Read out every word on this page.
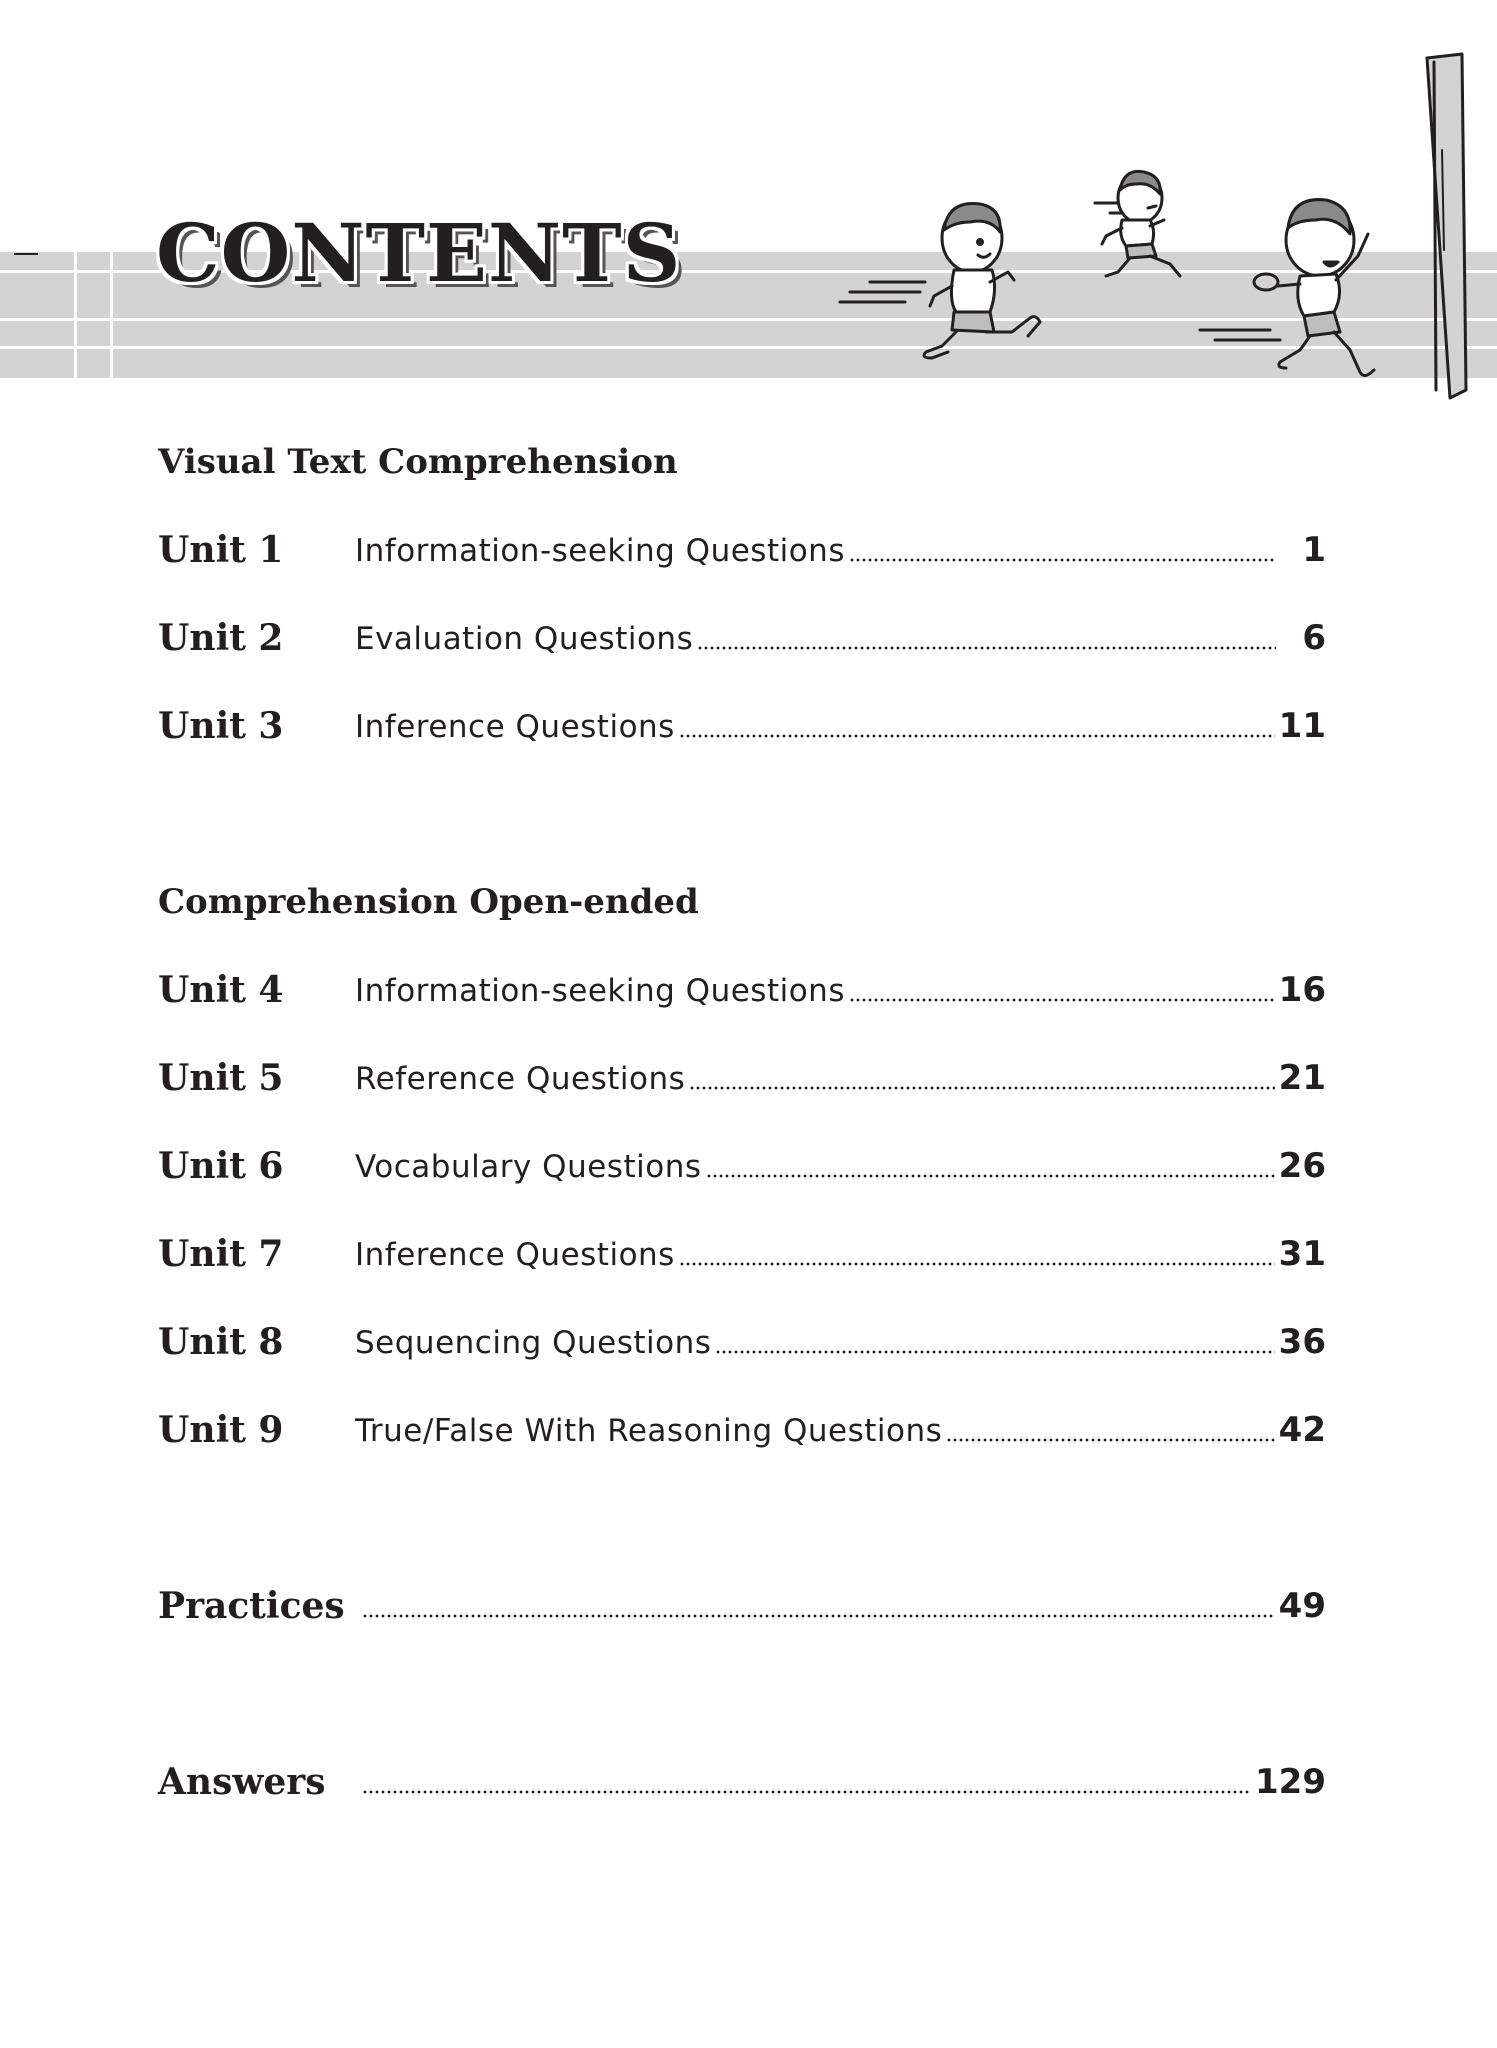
CONTENTS
Visual Text Comprehension
Unit 1 Information-seeking Questions	1
Unit 2 Evaluation Questions	6
Unit 3 Inference Questions	11
Comprehension Open-ended
Unit 4 Information-seeking Questions	16
Unit 5 Reference Questions	21
Unit 6 Vocabulary Questions	26
Unit 7 Inference Questions	31
Unit 8 Sequencing Questions	36
Unit 9 True/False With Reasoning Questions	42
Practices	49
Answers	129
